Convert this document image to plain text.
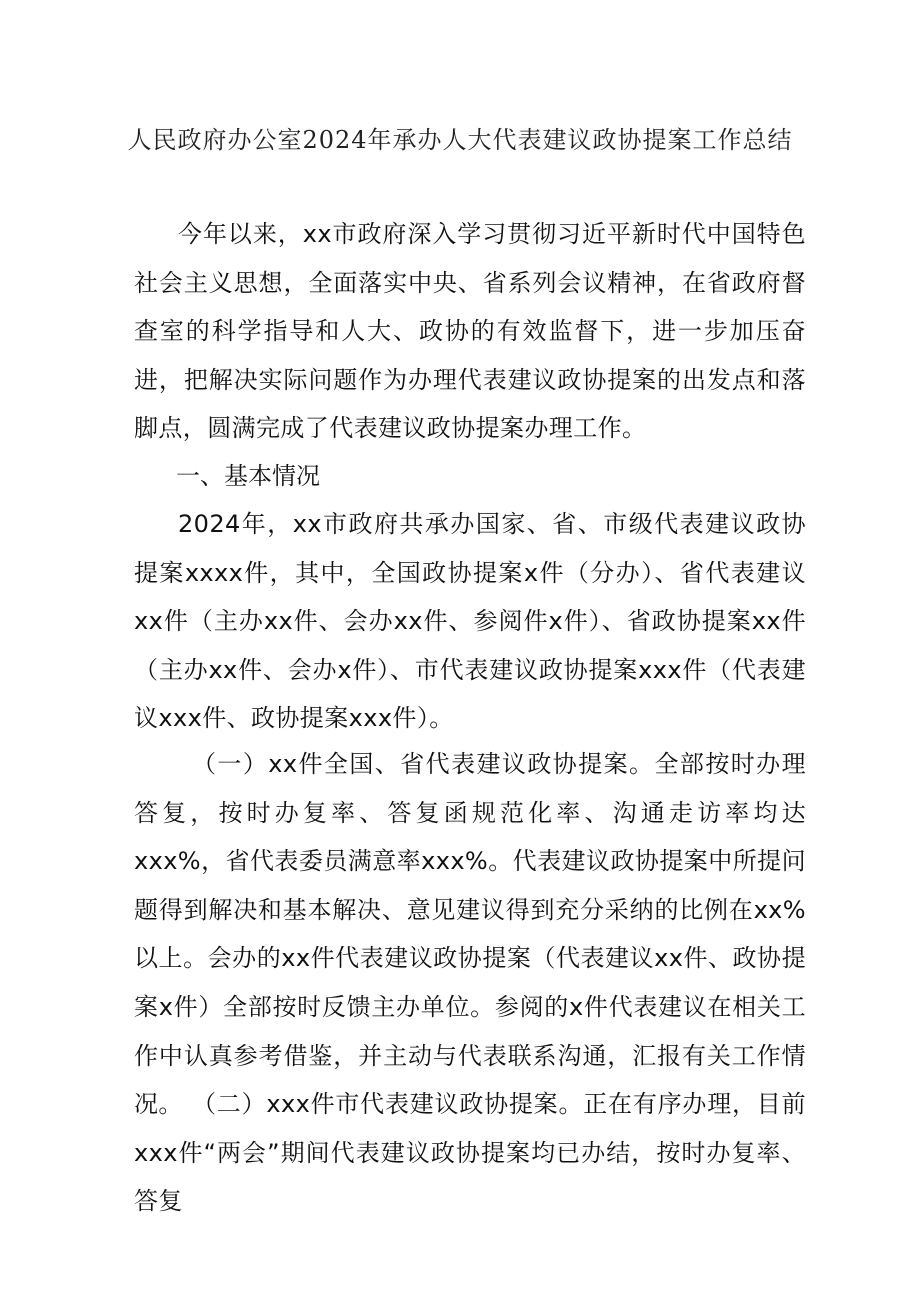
人民政府办公室2024年承办人大代表建议政协提案工作总结

今年以来，xx市政府深入学习贯彻习近平新时代中国特色社会主义思想，全面落实中央、省系列会议精神，在省政府督查室的科学指导和人大、政协的有效监督下，进一步加压奋进，把解决实际问题作为办理代表建议政协提案的出发点和落脚点，圆满完成了代表建议政协提案办理工作。

一、基本情况

2024年，xx市政府共承办国家、省、市级代表建议政协提案xxxx件，其中，全国政协提案x件（分办）、省代表建议xx件（主办xx件、会办xx件、参阅件x件）、省政协提案xx件（主办xx件、会办x件）、市代表建议政协提案xxx件（代表建议xxx件、政协提案xxx件）。

（一）xx件全国、省代表建议政协提案。全部按时办理答复，按时办复率、答复函规范化率、沟通走访率均达xxx%，省代表委员满意率xxx%。代表建议政协提案中所提问题得到解决和基本解决、意见建议得到充分采纳的比例在xx%以上。会办的xx件代表建议政协提案（代表建议xx件、政协提案x件）全部按时反馈主办单位。参阅的x件代表建议在相关工作中认真参考借鉴，并主动与代表联系沟通，汇报有关工作情况。 （二）xxx件市代表建议政协提案。正在有序办理，目前xxx件“两会”期间代表建议政协提案均已办结，按时办复率、答复
